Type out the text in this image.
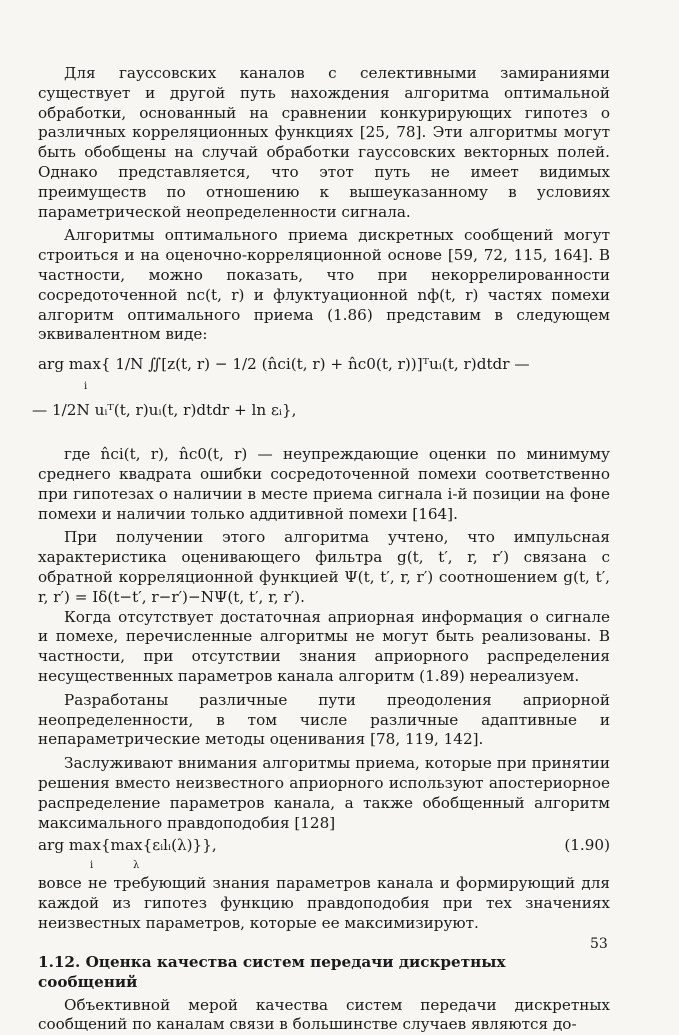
Для гауссовских каналов с селективными замираниями существует и другой путь нахождения алгоритма оптимальной обработки, основанный на сравнении конкурирующих гипотез о различных корреляционных функциях [25, 78]. Эти алгоритмы могут быть обобщены на случай обработки гауссовских векторных полей. Однако представляется, что этот путь не имеет видимых преимуществ по отношению к вышеуказанному в условиях параметрической неопределенности сигнала.

Алгоритмы оптимального приема дискретных сообщений могут строиться и на оценочно-корреляционной основе [59, 72, 115, 164]. В частности, можно показать, что при некоррелированности сосредоточенной nс(t, r) и флуктуационной nф(t, r) частях помехи алгоритм оптимального приема (1.86) представим в следующем эквивалентном виде:

arg max{ 1/N ∬[z(t, r) − 1/2 (n̂ci(t, r) + n̂c0(t, r))]ᵀuᵢ(t, r)dtdr —
i
— 1/2N uᵢᵀ(t, r)uᵢ(t, r)dtdr + ln εᵢ},

где n̂ci(t, r), n̂c0(t, r) — неупреждающие оценки по минимуму среднего квадрата ошибки сосредоточенной помехи соответственно при гипотезах о наличии в месте приема сигнала i-й позиции на фоне помехи и наличии только аддитивной помехи [164].

При получении этого алгоритма учтено, что импульсная характеристика оценивающего фильтра g(t, t′, r, r′) связана с обратной корреляционной функцией Ψ(t, t′, r, r′) соотношением g(t, t′, r, r′) = Iδ(t−t′, r−r′)−NΨ(t, t′, r, r′).

Когда отсутствует достаточная априорная информация о сигнале и помехе, перечисленные алгоритмы не могут быть реализованы. В частности, при отсутствии знания априорного распределения несущественных параметров канала алгоритм (1.89) нереализуем.

Разработаны различные пути преодоления априорной неопределенности, в том числе различные адаптивные и непараметрические методы оценивания [78, 119, 142].

Заслуживают внимания алгоритмы приема, которые при принятии решения вместо неизвестного априорного используют апостериорное распределение параметров канала, а также обобщенный алгоритм максимального правдоподобия [128]

arg max{max{εᵢlᵢ(λ)}},
i	λ
(1.90)

вовсе не требующий знания параметров канала и формирующий для каждой из гипотез функцию правдоподобия при тех значениях неизвестных параметров, которые ее максимизируют.

1.12. Оценка качества систем передачи дискретных сообщений

Объективной мерой качества систем передачи дискретных сообщений по каналам связи в большинстве случаев являются до-

53
